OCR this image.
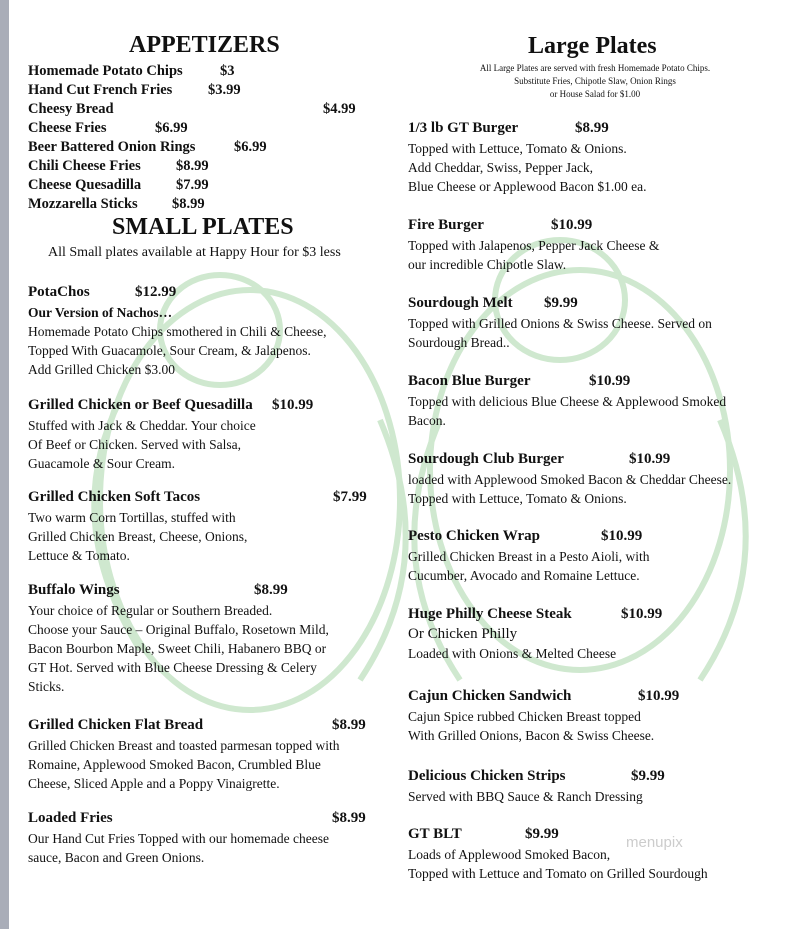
APPETIZERS
Homemade Potato Chips	$3
Hand Cut French Fries $3.99
Cheesy Bread	$4.99
Cheese Fries	$6.99
Beer Battered Onion Rings	$6.99
Chili Cheese Fries $8.99
Cheese Quesadilla $7.99
Mozzarella Sticks $8.99
SMALL PLATES
All Small plates available at Happy Hour for $3 less
Large Plates
All Large Plates are served with fresh Homemade Potato Chips.
Substitute Fries, Chipotle Slaw, Onion Rings
or House Salad for $1.00
PotaChos	$12.99
Our Version of Nachos…
Homemade Potato Chips smothered in Chili & Cheese,
Topped With Guacamole, Sour Cream, & Jalapenos.
Add Grilled Chicken $3.00
Grilled Chicken or Beef Quesadilla $10.99
Stuffed with Jack & Cheddar. Your choice
Of Beef or Chicken. Served with Salsa,
Guacamole & Sour Cream.
Grilled Chicken Soft Tacos	$7.99
Two warm Corn Tortillas, stuffed with
Grilled Chicken Breast, Cheese, Onions,
Lettuce & Tomato.
Buffalo Wings	$8.99
Your choice of Regular or Southern Breaded.
Choose your Sauce – Original Buffalo, Rosetown Mild,
Bacon Bourbon Maple, Sweet Chili, Habanero BBQ or
GT Hot. Served with Blue Cheese Dressing & Celery
Sticks.
Grilled Chicken Flat Bread	$8.99
Grilled Chicken Breast and toasted parmesan topped with
Romaine, Applewood Smoked Bacon, Crumbled Blue
Cheese, Sliced Apple and a Poppy Vinaigrette.
Loaded Fries	$8.99
Our Hand Cut Fries Topped with our homemade cheese
sauce, Bacon and Green Onions.
1/3 lb GT Burger	$8.99
Topped with Lettuce, Tomato & Onions.
Add Cheddar, Swiss, Pepper Jack,
Blue Cheese or Applewood Bacon $1.00 ea.
Fire Burger	$10.99
Topped with Jalapenos, Pepper Jack Cheese &
our incredible Chipotle Slaw.
Sourdough Melt $9.99
Topped with Grilled Onions & Swiss Cheese. Served on
Sourdough Bread..
Bacon Blue Burger	$10.99
Topped with delicious Blue Cheese & Applewood Smoked
Bacon.
Sourdough Club Burger	$10.99
loaded with Applewood Smoked Bacon & Cheddar Cheese.
Topped with Lettuce, Tomato & Onions.
Pesto Chicken Wrap	$10.99
Grilled Chicken Breast in a Pesto Aioli, with
Cucumber, Avocado and Romaine Lettuce.
Huge Philly Cheese Steak	$10.99
Or Chicken Philly
Loaded with Onions & Melted Cheese
Cajun Chicken Sandwich	$10.99
Cajun Spice rubbed Chicken Breast topped
With Grilled Onions, Bacon & Swiss Cheese.
Delicious Chicken Strips	$9.99
Served with BBQ Sauce & Ranch Dressing
GT BLT	$9.99
Loads of Applewood Smoked Bacon,
Topped with Lettuce and Tomato on Grilled Sourdough
menupix
